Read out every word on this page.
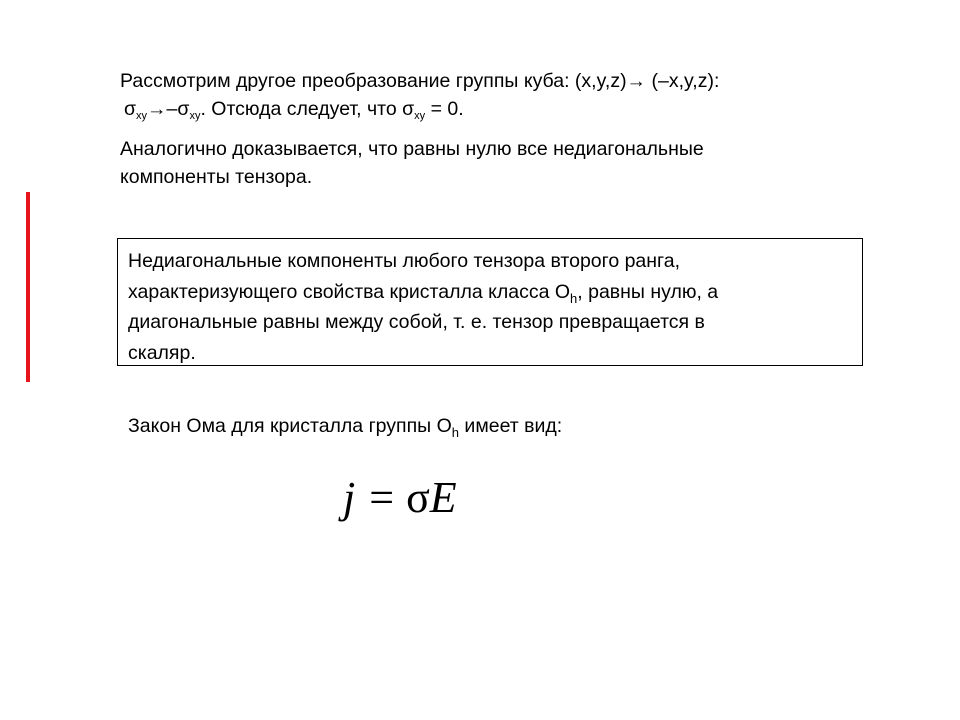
Рассмотрим другое преобразование группы куба: (x,y,z)→ (–x,y,z):
$\sigma_{xy}\to-\sigma_{xy}$. Отсюда следует, что $\sigma_{xy} = 0$.
Аналогично доказывается, что равны нулю все недиагональные
компоненты тензора.
Недиагональные компоненты любого тензора второго ранга,
характеризующего свойства кристалла класса $O_h$, равны нулю, а
диагональные равны между собой, т. е. тензор превращается в
скаляр.
Закон Ома для кристалла группы $O_h$ имеет вид:
j = σE
